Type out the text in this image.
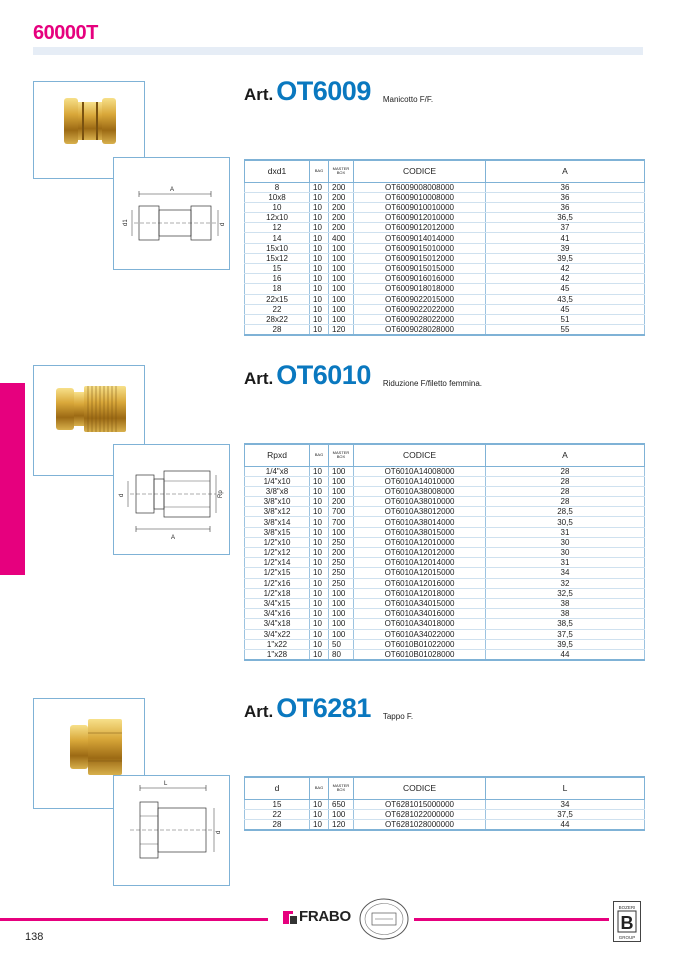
60000T
A
d1	d
Art. OT6009 Manicotto F/F.
dxd1	BAG	MASTER BOX	CODICE	A
8	10	200	OT6009008008000	36
10x8	10	200	OT6009010008000	36
10	10	200	OT6009010010000	36
12x10	10	200	OT6009012010000	36,5
12	10	200	OT6009012012000	37
14	10	400	OT6009014014000	41
15x10	10	100	OT6009015010000	39
15x12	10	100	OT6009015012000	39,5
15	10	100	OT6009015015000	42
16	10	100	OT6009016016000	42
18	10	100	OT6009018018000	45
22x15	10	100	OT6009022015000	43,5
22	10	100	OT6009022022000	45
28x22	10	100	OT6009028022000	51
28	10	120	OT6009028028000	55
A
d	Rp
Art. OT6010 Riduzione F/filetto femmina.
Rpxd	BAG	MASTER BOX	CODICE	A
1/4"x8	10	100	OT6010A14008000	28
1/4"x10	10	100	OT6010A14010000	28
3/8"x8	10	100	OT6010A38008000	28
3/8"x10	10	200	OT6010A38010000	28
3/8"x12	10	700	OT6010A38012000	28,5
3/8"x14	10	700	OT6010A38014000	30,5
3/8"x15	10	100	OT6010A38015000	31
1/2"x10	10	250	OT6010A12010000	30
1/2"x12	10	200	OT6010A12012000	30
1/2"x14	10	250	OT6010A12014000	31
1/2"x15	10	250	OT6010A12015000	34
1/2"x16	10	250	OT6010A12016000	32
1/2"x18	10	100	OT6010A12018000	32,5
3/4"x15	10	100	OT6010A34015000	38
3/4"x16	10	100	OT6010A34016000	38
3/4"x18	10	100	OT6010A34018000	38,5
3/4"x22	10	100	OT6010A34022000	37,5
1"x22	10	50	OT6010B01022000	39,5
1"x28	10	80	OT6010B01028000	44
L
d
Art. OT6281 Tappo F.
d	BAG	MASTER BOX	CODICE	L
15	10	650	OT6281015000000	34
22	10	100	OT6281022000000	37,5
28	10	120	OT6281028000000	44
138
FRABO
BOZERI
B
GROUP
